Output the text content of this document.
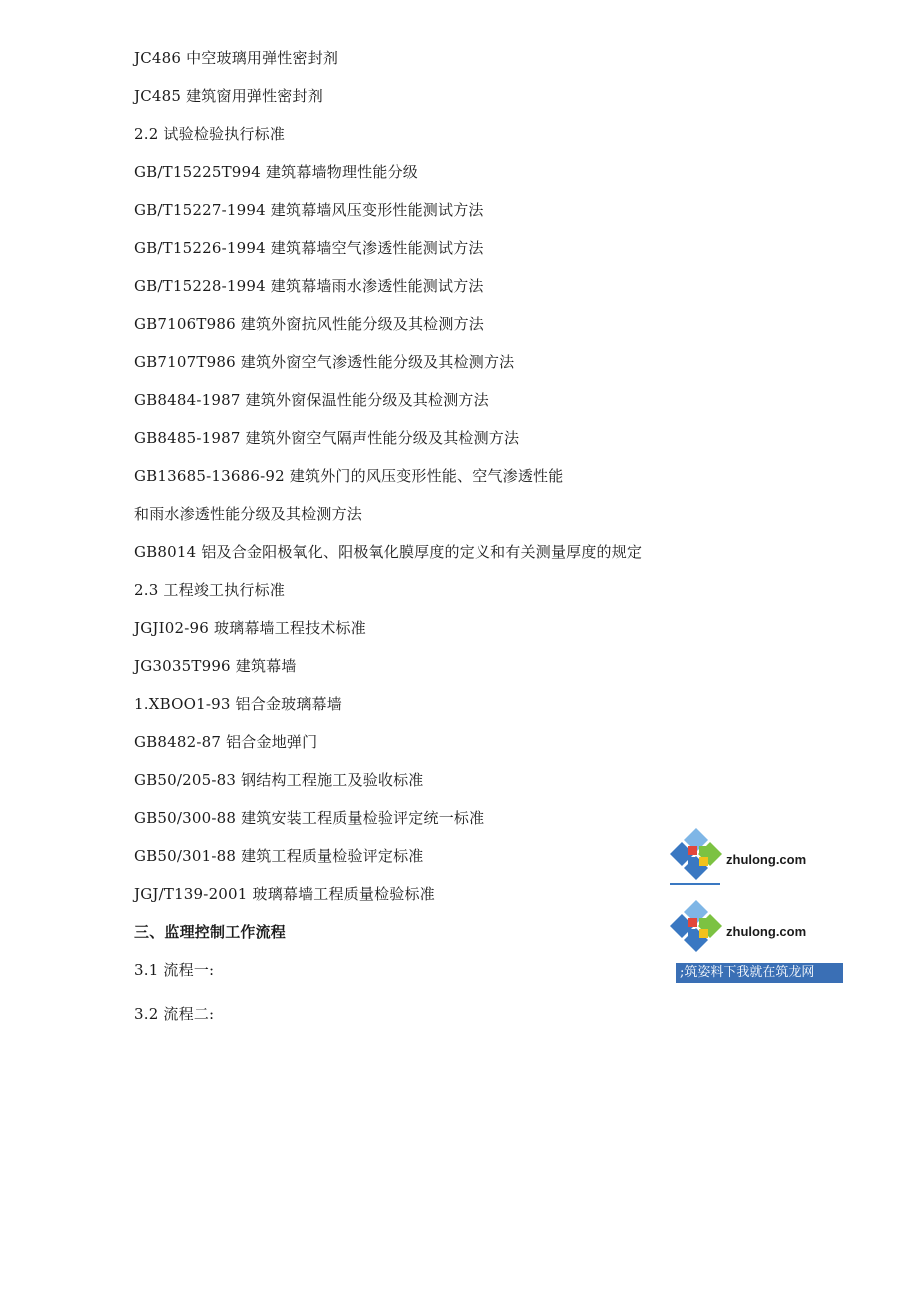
JC486 中空玻璃用弹性密封剂
JC485 建筑窗用弹性密封剂
2.2 试验检验执行标准
GB/T15225T994 建筑幕墙物理性能分级
GB/T15227-1994 建筑幕墙风压变形性能测试方法
GB/T15226-1994 建筑幕墙空气渗透性能测试方法
GB/T15228-1994 建筑幕墙雨水渗透性能测试方法
GB7106T986 建筑外窗抗风性能分级及其检测方法
GB7107T986 建筑外窗空气渗透性能分级及其检测方法
GB8484-1987 建筑外窗保温性能分级及其检测方法
GB8485-1987 建筑外窗空气隔声性能分级及其检测方法
GB13685-13686-92 建筑外门的风压变形性能、空气渗透性能
和雨水渗透性能分级及其检测方法
GB8014 铝及合金阳极氧化、阳极氧化膜厚度的定义和有关测量厚度的规定
2.3 工程竣工执行标准
JGJI02-96 玻璃幕墙工程技术标准
JG3035T996 建筑幕墙
1.XBOO1-93 铝合金玻璃幕墙
GB8482-87 铝合金地弹门
GB50/205-83 钢结构工程施工及验收标准
GB50/300-88 建筑安装工程质量检验评定统一标准
GB50/301-88 建筑工程质量检验评定标准
JGJ/T139-2001 玻璃幕墙工程质量检验标准
三、监理控制工作流程
3.1 流程一:
3.2 流程二:
zhulong.com
zhulong.com
;筑姿料下我就在筑龙网
